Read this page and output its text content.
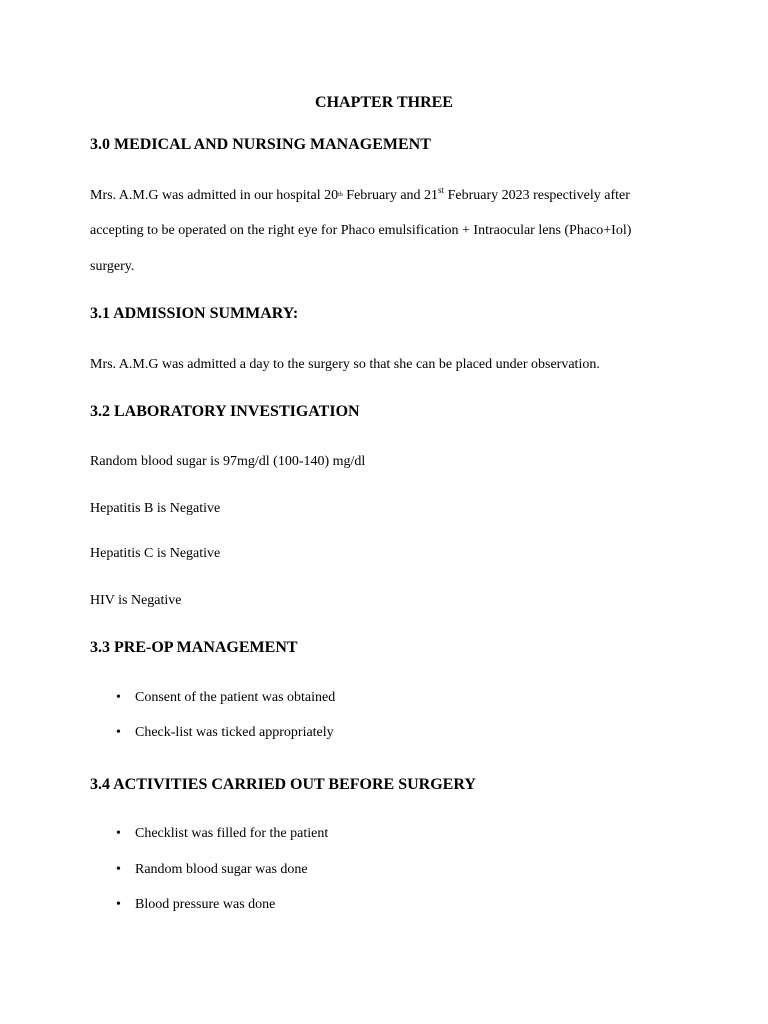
CHAPTER THREE
3.0 MEDICAL AND NURSING MANAGEMENT
Mrs. A.M.G was admitted in our hospital 20th February and 21st February 2023 respectively after
accepting to be operated on the right eye for Phaco emulsification + Intraocular lens (Phaco+Iol)
surgery.
3.1 ADMISSION SUMMARY:
Mrs. A.M.G was admitted a day to the surgery so that she can be placed under observation.
3.2 LABORATORY INVESTIGATION
Random blood sugar is 97mg/dl (100-140) mg/dl
Hepatitis B is Negative
Hepatitis C is Negative
HIV is Negative
3.3 PRE-OP MANAGEMENT
• Consent of the patient was obtained
• Check-list was ticked appropriately
3.4 ACTIVITIES CARRIED OUT BEFORE SURGERY
• Checklist was filled for the patient
• Random blood sugar was done
• Blood pressure was done
